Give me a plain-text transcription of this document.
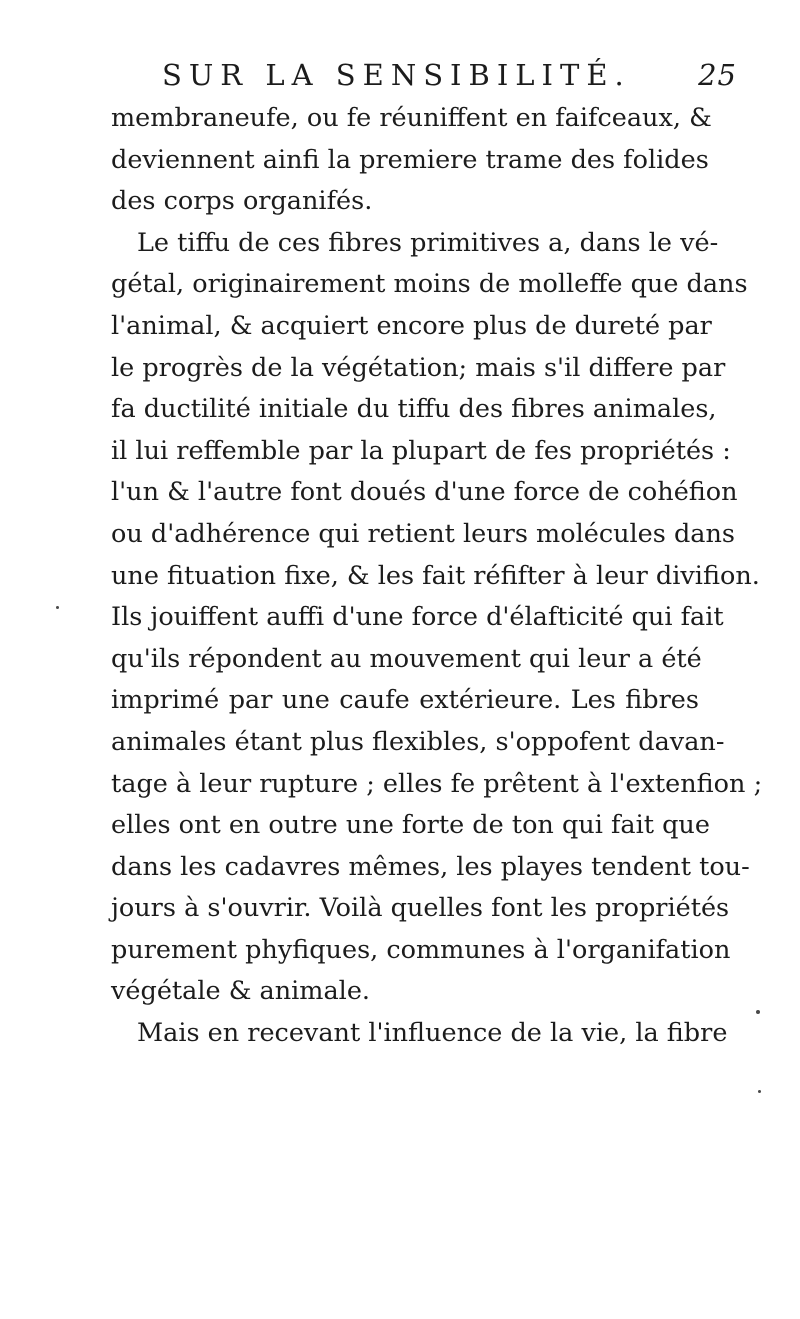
SUR LA SENSIBILITÉ. 25
membraneufe, ou fe réuniffent en faifceaux, &
deviennent ainfi la premiere trame des folides
des corps organifés.
Le tiffu de ces fibres primitives a, dans le vé-
gétal, originairement moins de molleffe que dans
l'animal, & acquiert encore plus de dureté par
le progrès de la végétation; mais s'il differe par
fa ductilité initiale du tiffu des fibres animales,
il lui reffemble par la plupart de fes propriétés :
l'un & l'autre font doués d'une force de cohéfion
ou d'adhérence qui retient leurs molécules dans
une fituation fixe, & les fait réfifter à leur divifion.
Ils jouiffent auffi d'une force d'élafticité qui fait
qu'ils répondent au mouvement qui leur a été
imprimé par une caufe extérieure. Les fibres
animales étant plus flexibles, s'oppofent davan-
tage à leur rupture ; elles fe prêtent à l'extenfion ;
elles ont en outre une forte de ton qui fait que
dans les cadavres mêmes, les playes tendent tou-
jours à s'ouvrir. Voilà quelles font les propriétés
purement phyfiques, communes à l'organifation
végétale & animale.
Mais en recevant l'influence de la vie, la fibre
